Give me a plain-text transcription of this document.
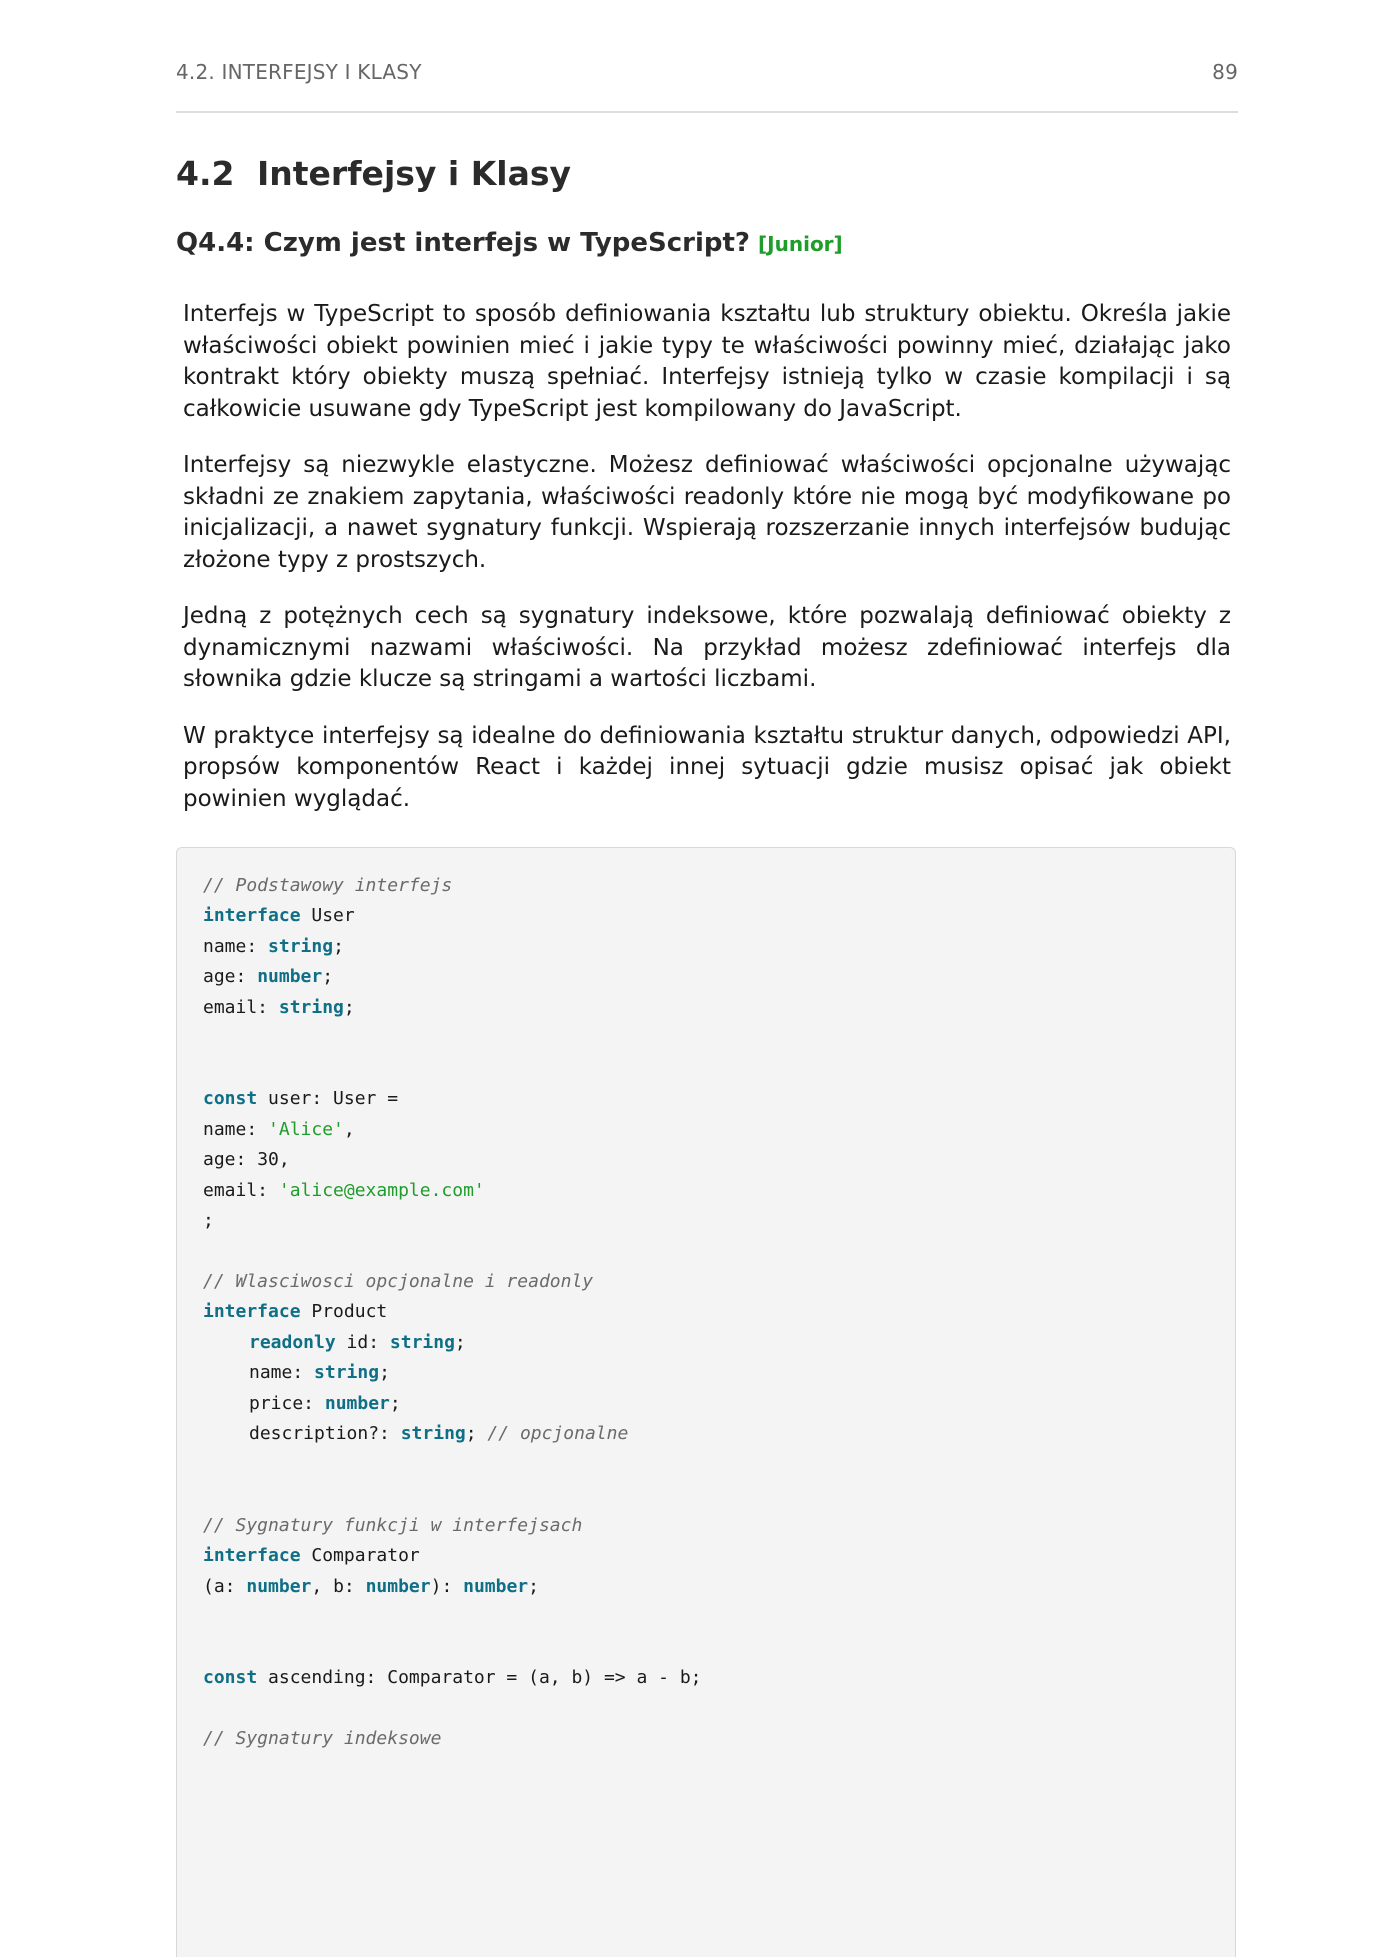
4.2. INTERFEJSY I KLASY	89
4.2 Interfejsy i Klasy
Q4.4: Czym jest interfejs w TypeScript? [Junior]

Interfejs w TypeScript to sposób definiowania kształtu lub struktury obiektu. Określa jakie właściwości obiekt powinien mieć i jakie typy te właściwości powinny mieć, działając jako kontrakt który obiekty muszą spełniać. Interfejsy istnieją tylko w czasie kompilacji i są całkowicie usuwane gdy TypeScript jest kompilowany do JavaScript.

Interfejsy są niezwykle elastyczne. Możesz definiować właściwości opcjonalne używając składni ze znakiem zapytania, właściwości readonly które nie mogą być modyfikowane po inicjalizacji, a nawet sygnatury funkcji. Wspierają rozszerzanie innych interfejsów budując złożone typy z prostszych.

Jedną z potężnych cech są sygnatury indeksowe, które pozwalają definiować obiekty z dynamicznymi nazwami właściwości. Na przykład możesz zdefiniować interfejs dla słownika gdzie klucze są stringami a wartości liczbami.

W praktyce interfejsy są idealne do definiowania kształtu struktur danych, odpowiedzi API, propsów komponentów React i każdej innej sytuacji gdzie musisz opisać jak obiekt powinien wyglądać.

// Podstawowy interfejs
interface User
name: string;
age: number;
email: string;
const user: User =
name: 'Alice',
age: 30,
email: 'alice@example.com'
;
// Wlasciwosci opcjonalne i readonly
interface Product
readonly id: string;
name: string;
price: number;
description?: string; // opcjonalne
// Sygnatury funkcji w interfejsach
interface Comparator
(a: number, b: number): number;
const ascending: Comparator = (a, b) => a - b;
// Sygnatury indeksowe
